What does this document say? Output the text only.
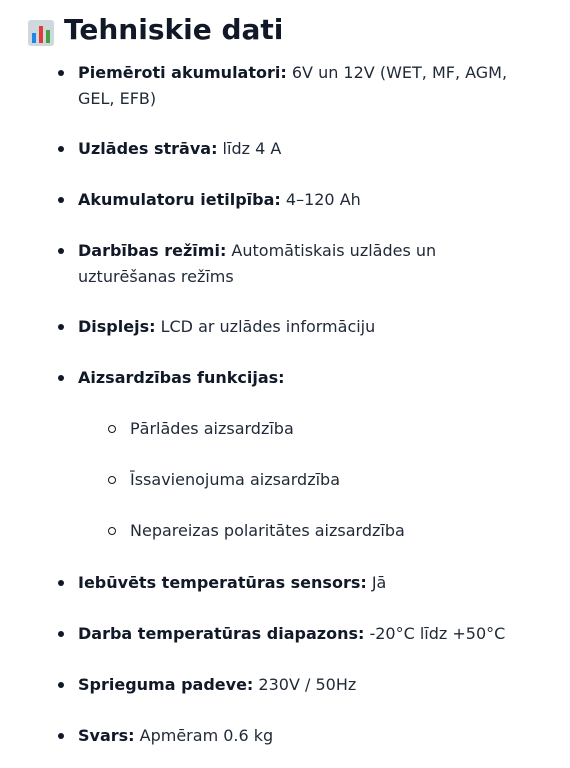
Tehniskie dati
Piemēroti akumulatori: 6V un 12V (WET, MF, AGM, GEL, EFB)
Uzlādes strāva: līdz 4 A
Akumulatoru ietilpība: 4–120 Ah
Darbības režīmi: Automātiskais uzlādes un uzturēšanas režīms
Displejs: LCD ar uzlādes informāciju
Aizsardzības funkcijas:
Iebūvēts temperatūras sensors: Jā
Darba temperatūras diapazons: -20°C līdz +50°C
Sprieguma padeve: 230V / 50Hz
Svars: Apmēram 0.6 kg
Pārlādes aizsardzība
Īssavienojuma aizsardzība
Nepareizas polaritātes aizsardzība
